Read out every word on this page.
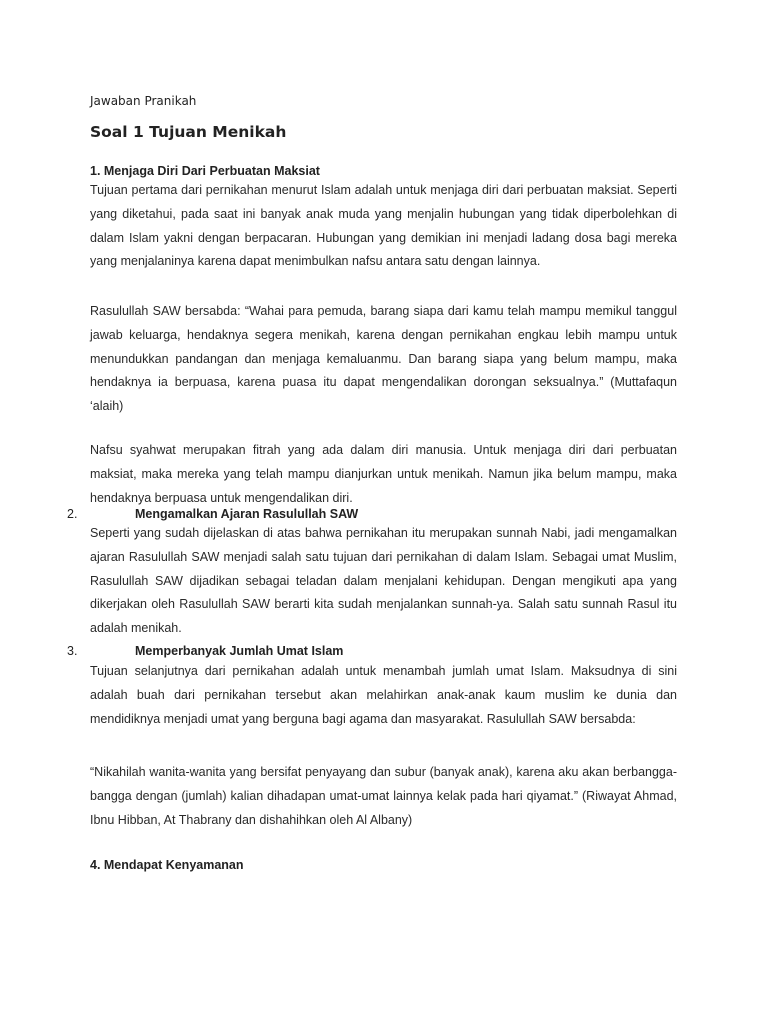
Jawaban Pranikah

Soal 1 Tujuan Menikah
1. Menjaga Diri Dari Perbuatan Maksiat

Tujuan pertama dari pernikahan menurut Islam adalah untuk menjaga diri dari perbuatan maksiat. Seperti yang diketahui, pada saat ini banyak anak muda yang menjalin hubungan yang tidak diperbolehkan di dalam Islam yakni dengan berpacaran. Hubungan yang demikian ini menjadi ladang dosa bagi mereka yang menjalaninya karena dapat menimbulkan nafsu antara satu dengan lainnya.

Rasulullah SAW bersabda: “Wahai para pemuda, barang siapa dari kamu telah mampu memikul tanggul jawab keluarga, hendaknya segera menikah, karena dengan pernikahan engkau lebih mampu untuk menundukkan pandangan dan menjaga kemaluanmu. Dan barang siapa yang belum mampu, maka hendaknya ia berpuasa, karena puasa itu dapat mengendalikan dorongan seksualnya.” (Muttafaqun ‘alaih)

Nafsu syahwat merupakan fitrah yang ada dalam diri manusia. Untuk menjaga diri dari perbuatan maksiat, maka mereka yang telah mampu dianjurkan untuk menikah. Namun jika belum mampu, maka hendaknya berpuasa untuk mengendalikan diri.

2.	Mengamalkan Ajaran Rasulullah SAW

Seperti yang sudah dijelaskan di atas bahwa pernikahan itu merupakan sunnah Nabi, jadi mengamalkan ajaran Rasulullah SAW menjadi salah satu tujuan dari pernikahan di dalam Islam. Sebagai umat Muslim, Rasulullah SAW dijadikan sebagai teladan dalam menjalani kehidupan. Dengan mengikuti apa yang dikerjakan oleh Rasulullah SAW berarti kita sudah menjalankan sunnah-ya. Salah satu sunnah Rasul itu adalah menikah.

3.	Memperbanyak Jumlah Umat Islam

Tujuan selanjutnya dari pernikahan adalah untuk menambah jumlah umat Islam. Maksudnya di sini adalah buah dari pernikahan tersebut akan melahirkan anak-anak kaum muslim ke dunia dan mendidiknya menjadi umat yang berguna bagi agama dan masyarakat. Rasulullah SAW bersabda:

“Nikahilah wanita-wanita yang bersifat penyayang dan subur (banyak anak), karena aku akan berbangga-bangga dengan (jumlah) kalian dihadapan umat-umat lainnya kelak pada hari qiyamat.” (Riwayat Ahmad, Ibnu Hibban, At Thabrany dan dishahihkan oleh Al Albany)

4. Mendapat Kenyamanan
